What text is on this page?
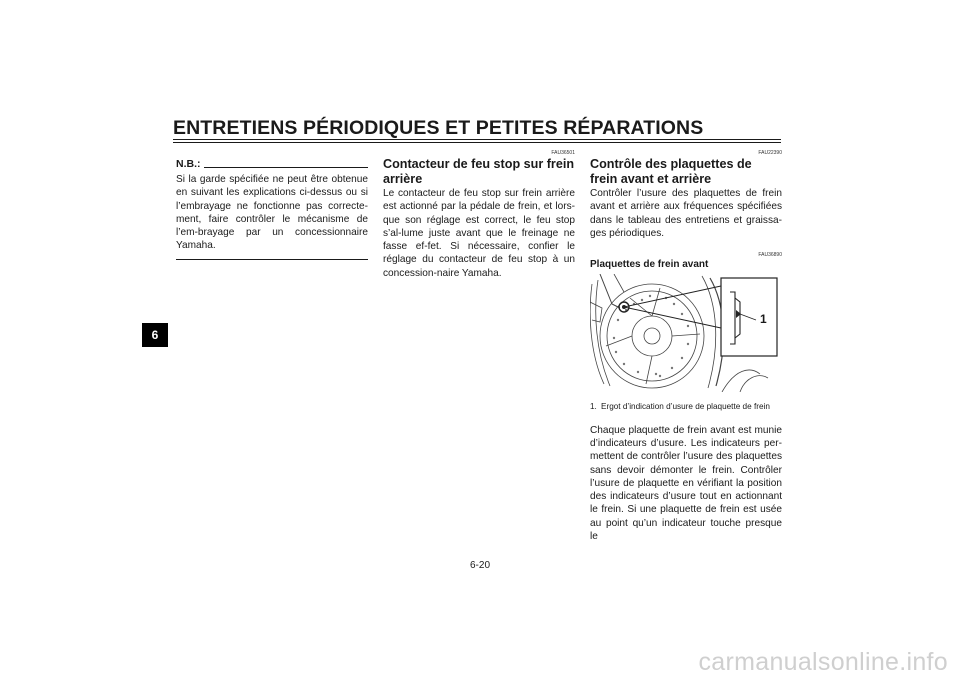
ENTRETIENS PÉRIODIQUES ET PETITES RÉPARATIONS
6
N.B.:

Si la garde spécifiée ne peut être obtenue en suivant les explications ci-dessus ou si l’embrayage ne fonctionne pas correcte-ment, faire contrôler le mécanisme de l’em-brayage par un concessionnaire Yamaha.

FAU36501
Contacteur de feu stop sur frein arrière

Le contacteur de feu stop sur frein arrière est actionné par la pédale de frein, et lors-que son réglage est correct, le feu stop s’al-lume juste avant que le freinage ne fasse ef-fet. Si nécessaire, confier le réglage du contacteur de feu stop à un concession-naire Yamaha.

FAU22390
Contrôle des plaquettes de frein avant et arrière

Contrôler l’usure des plaquettes de frein avant et arrière aux fréquences spécifiées dans le tableau des entretiens et graissa-ges périodiques.

FAU36890
Plaquettes de frein avant
1
1. Ergot d’indication d’usure de plaquette de frein

Chaque plaquette de frein avant est munie d’indicateurs d’usure. Les indicateurs per-mettent de contrôler l’usure des plaquettes sans devoir démonter le frein. Contrôler l’usure de plaquette en vérifiant la position des indicateurs d’usure tout en actionnant le frein. Si une plaquette de frein est usée au point qu’un indicateur touche presque le

6-20
carmanualsonline.info
